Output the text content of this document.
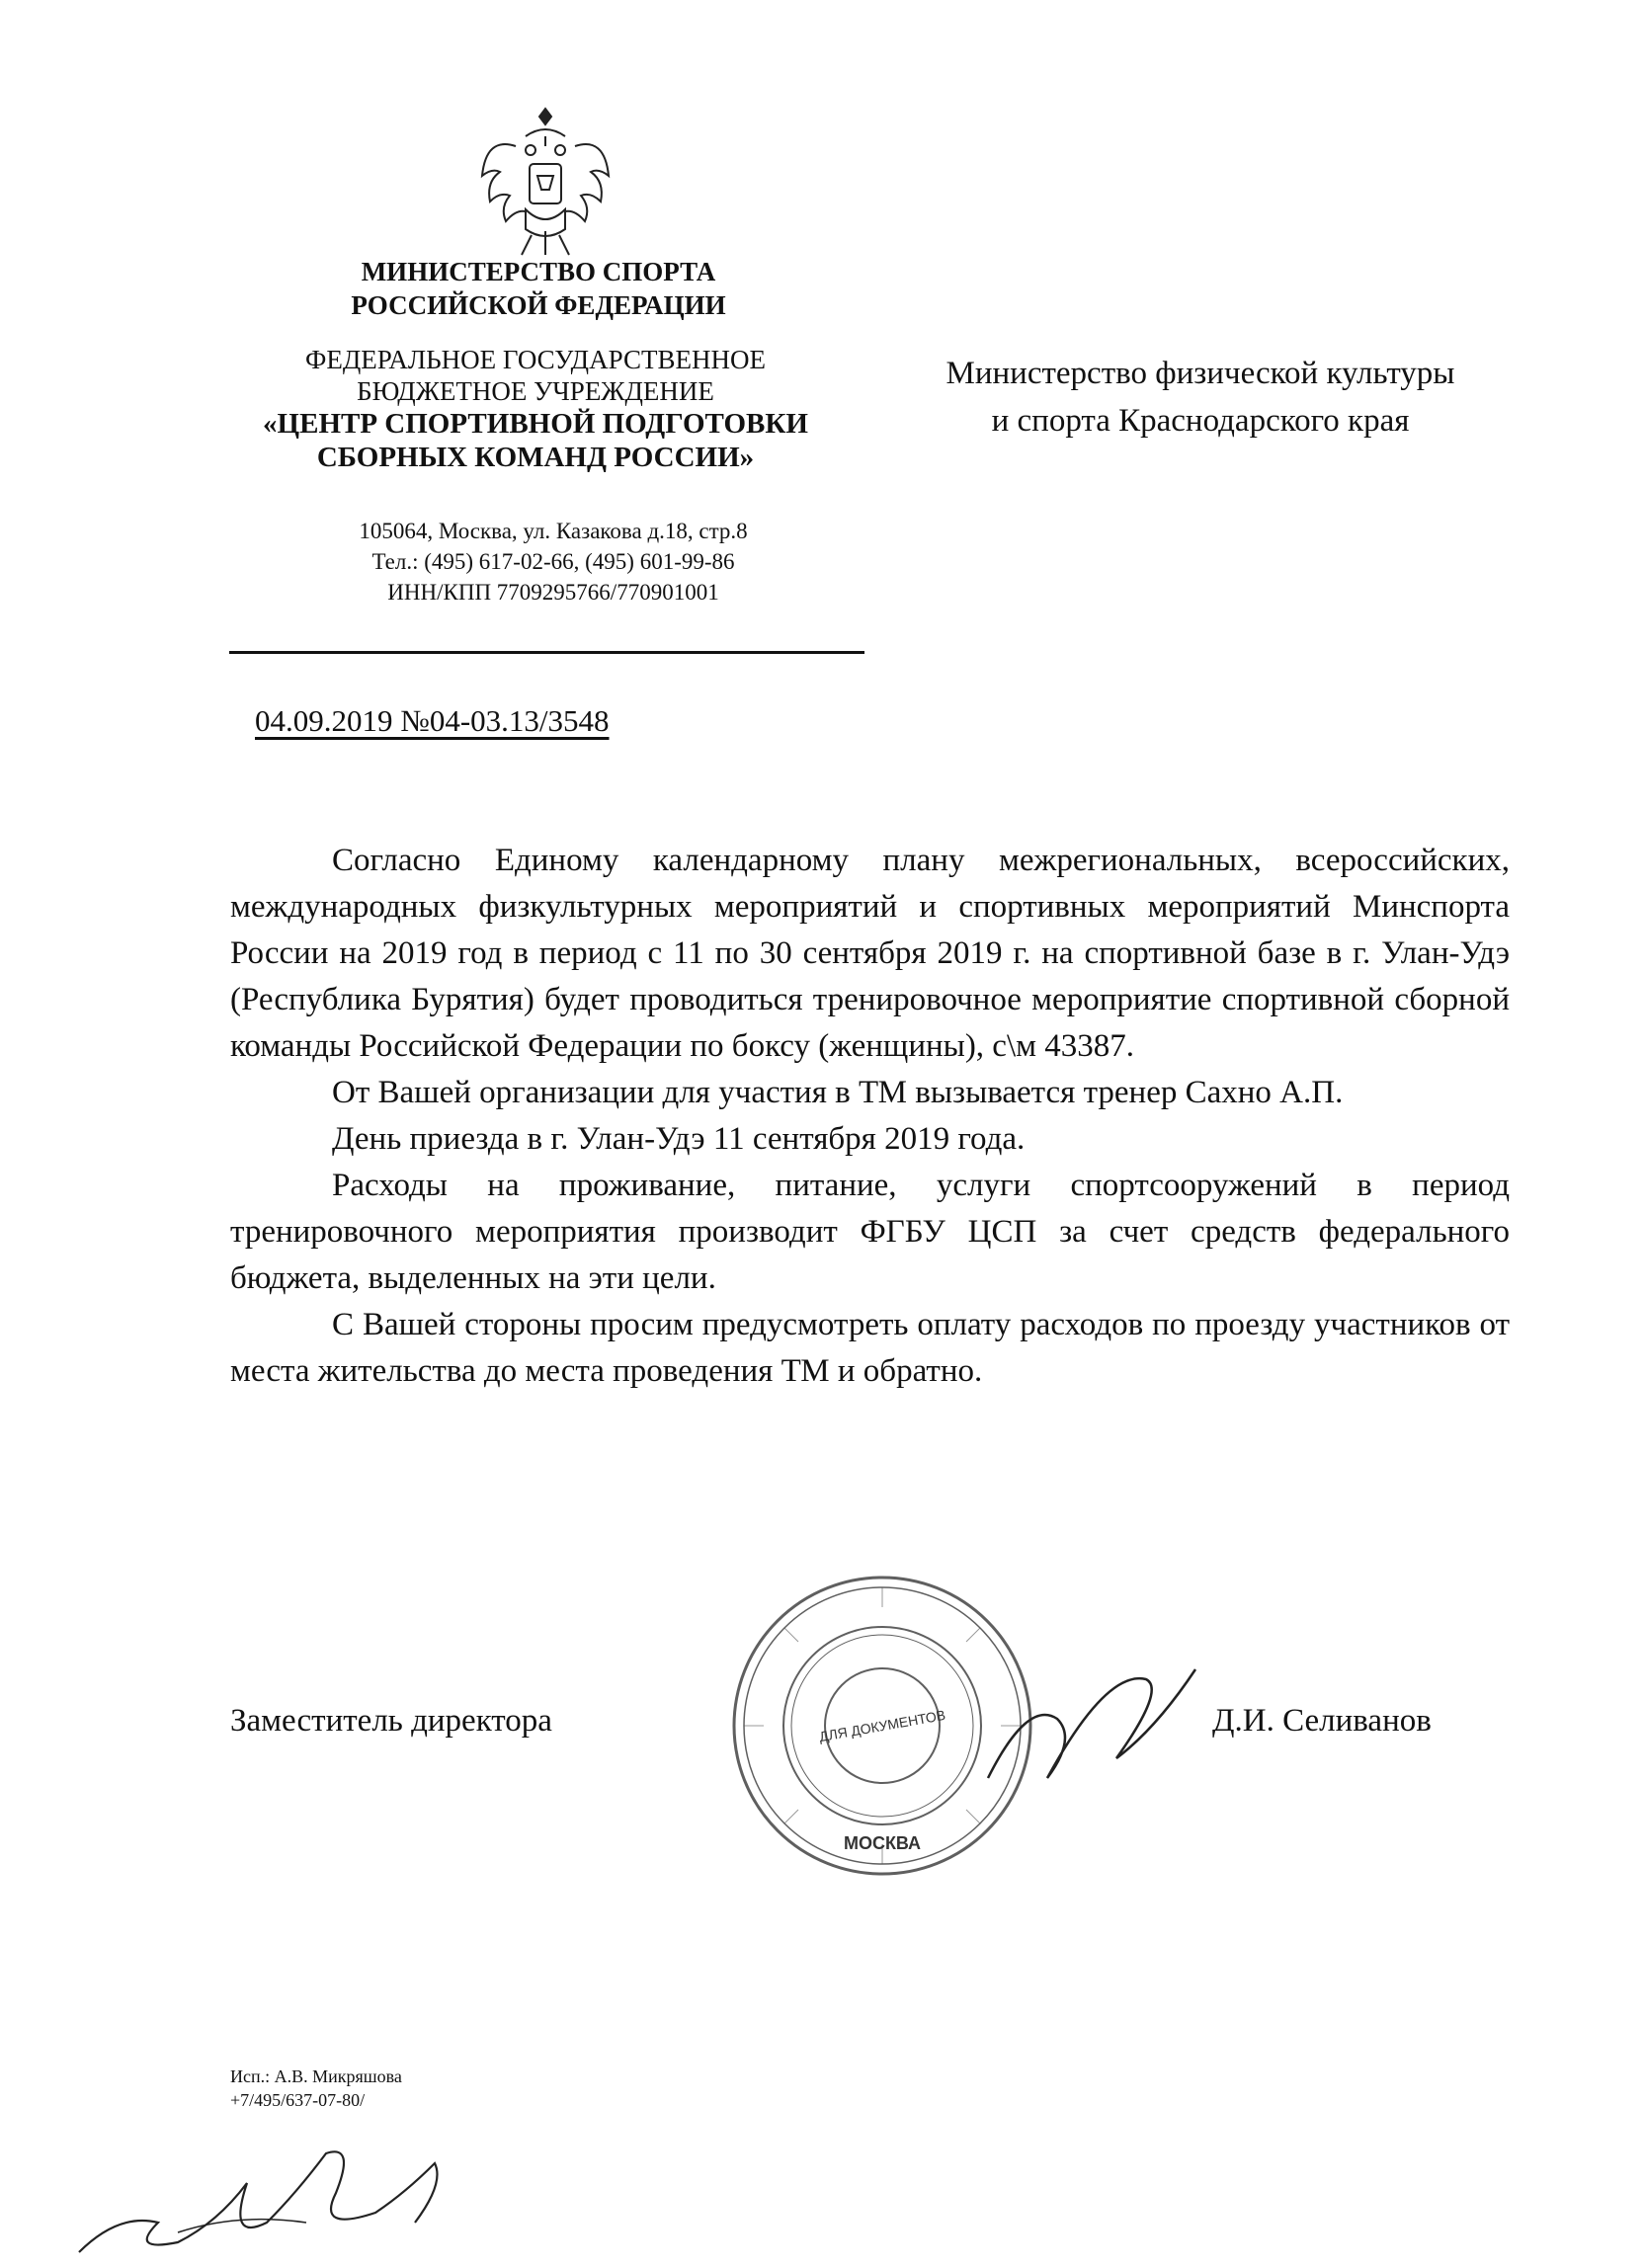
МИНИСТЕРСТВО СПОРТА
РОССИЙСКОЙ ФЕДЕРАЦИИ
ФЕДЕРАЛЬНОЕ ГОСУДАРСТВЕННОЕ
БЮДЖЕТНОЕ УЧРЕЖДЕНИЕ
«ЦЕНТР СПОРТИВНОЙ ПОДГОТОВКИ
СБОРНЫХ КОМАНД РОССИИ»
105064, Москва, ул. Казакова д.18, стр.8
Тел.: (495) 617-02-66, (495) 601-99-86
ИНН/КПП 7709295766/770901001
04.09.2019 №04-03.13/3548
Министерство физической культуры
и спорта Краснодарского края

Согласно Единому календарному плану межрегиональных, всероссийских, международных физкультурных мероприятий и спортивных мероприятий Минспорта России на 2019 год в период с 11 по 30 сентября 2019 г. на спортивной базе в г. Улан-Удэ (Республика Бурятия) будет проводиться тренировочное мероприятие спортивной сборной команды Российской Федерации по боксу (женщины), с\м 43387.

От Вашей организации для участия в ТМ вызывается тренер Сахно А.П.

День приезда в г. Улан-Удэ 11 сентября 2019 года.

Расходы на проживание, питание, услуги спортсооружений в период тренировочного мероприятия производит ФГБУ ЦСП за счет средств федерального бюджета, выделенных на эти цели.

С Вашей стороны просим предусмотреть оплату расходов по проезду участников от места жительства до места проведения ТМ и обратно.

ДЛЯ ДОКУМЕНТОВ
МОСКВА
Заместитель директора	Д.И. Селиванов
Исп.: А.В. Микряшова
+7/495/637-07-80/
